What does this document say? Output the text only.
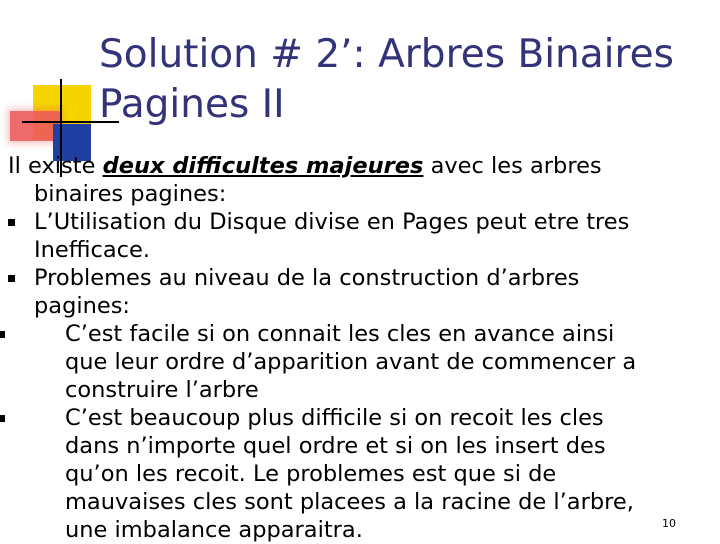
Solution # 2’: Arbres Binaires
Pagines II
Il existe deux difficultes majeures avec les arbres
binaires pagines:
L’Utilisation du Disque divise en Pages peut etre tres
Inefficace.
Problemes au niveau de la construction d’arbres
pagines:
C’est facile si on connait les cles en avance ainsi
que leur ordre d’apparition avant de commencer a
construire l’arbre
C’est beaucoup plus difficile si on recoit les cles
dans n’importe quel ordre et si on les insert des
qu’on les recoit. Le problemes est que si de
mauvaises cles sont placees a la racine de l’arbre,
une imbalance apparaitra.	10
